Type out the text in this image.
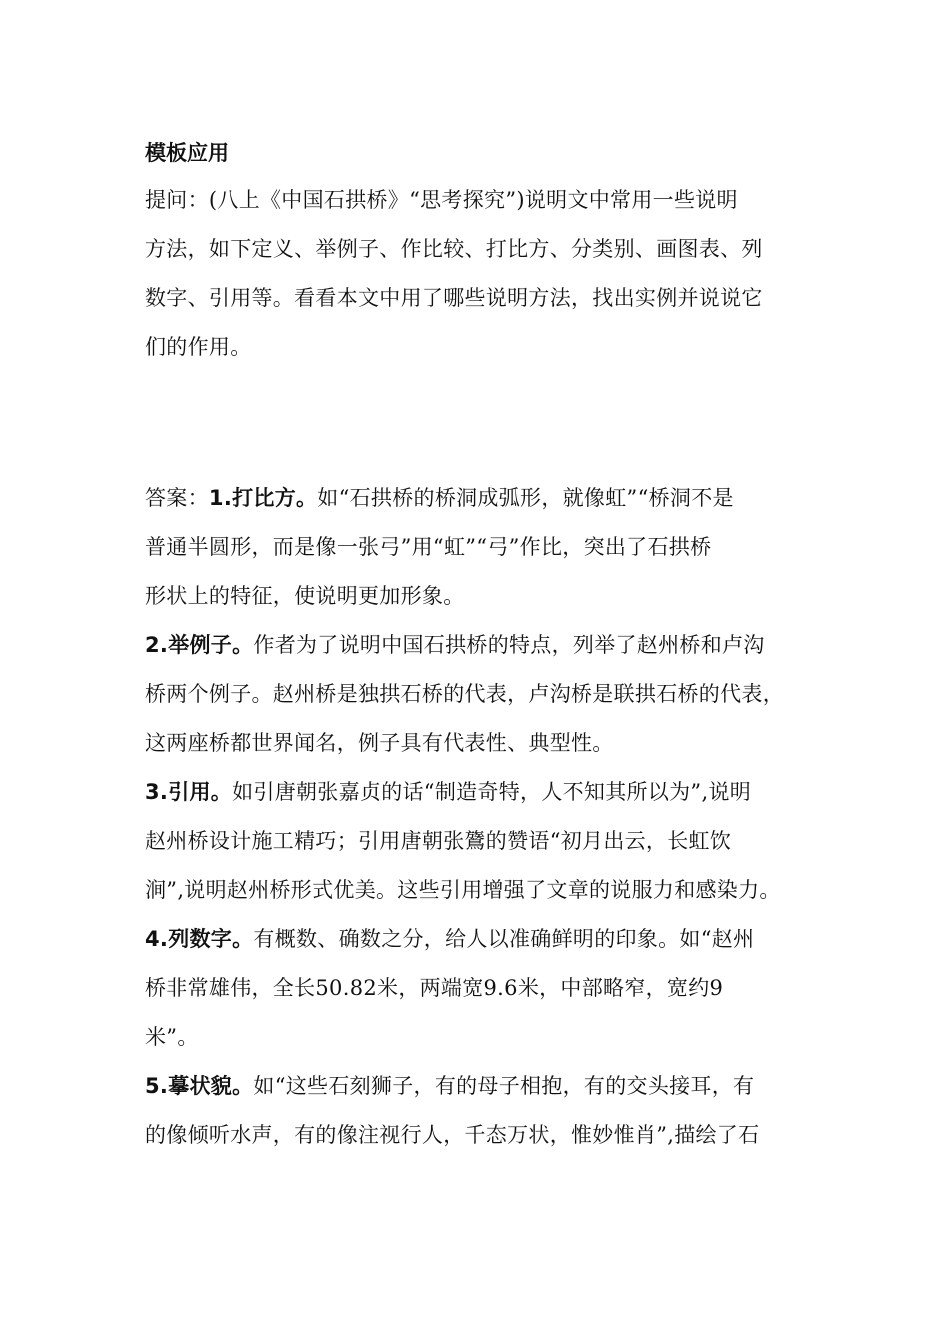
模板应用

提问：(八上《中国石拱桥》“思考探究”)说明文中常用一些说明
方法，如下定义、举例子、作比较、打比方、分类别、画图表、列
数字、引用等。看看本文中用了哪些说明方法，找出实例并说说它
们的作用。

答案：1.打比方。如“石拱桥的桥洞成弧形，就像虹”“桥洞不是
普通半圆形，而是像一张弓”用“虹”“弓”作比，突出了石拱桥
形状上的特征，使说明更加形象。

2.举例子。作者为了说明中国石拱桥的特点，列举了赵州桥和卢沟
桥两个例子。赵州桥是独拱石桥的代表，卢沟桥是联拱石桥的代表，
这两座桥都世界闻名，例子具有代表性、典型性。

3.引用。如引唐朝张嘉贞的话“制造奇特，人不知其所以为”,说明
赵州桥设计施工精巧；引用唐朝张鷟的赞语“初月出云，长虹饮
涧”,说明赵州桥形式优美。这些引用增强了文章的说服力和感染力。

4.列数字。有概数、确数之分，给人以准确鲜明的印象。如“赵州
桥非常雄伟，全长50.82米，两端宽9.6米，中部略窄，宽约9
米”。

5.摹状貌。如“这些石刻狮子，有的母子相抱，有的交头接耳，有
的像倾听水声，有的像注视行人，千态万状，惟妙惟肖”,描绘了石
